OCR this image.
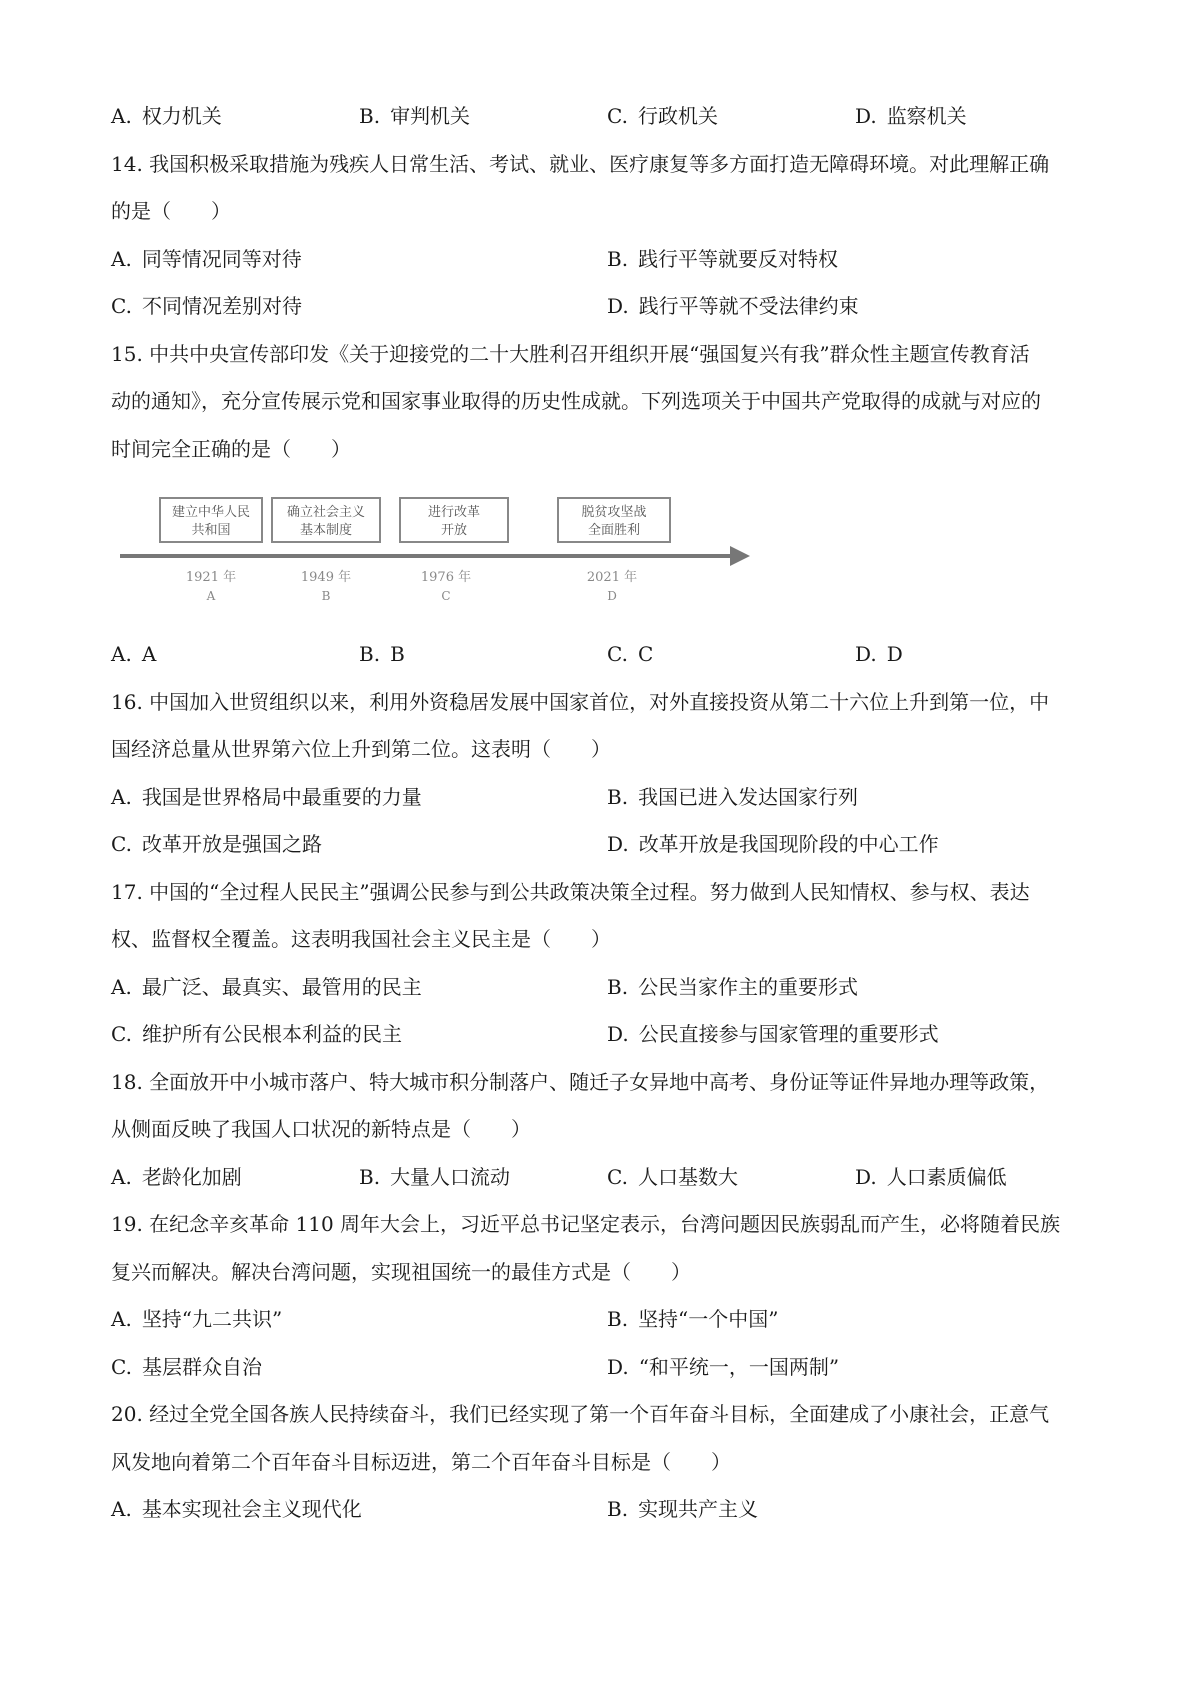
A. 权力机关	B. 审判机关	C. 行政机关	D. 监察机关
14. 我国积极采取措施为残疾人日常生活、考试、就业、医疗康复等多方面打造无障碍环境。对此理解正确
的是（　　）
A. 同等情况同等对待	B. 践行平等就要反对特权
C. 不同情况差别对待	D. 践行平等就不受法律约束
15. 中共中央宣传部印发《关于迎接党的二十大胜利召开组织开展“强国复兴有我”群众性主题宣传教育活
动的通知》，充分宣传展示党和国家事业取得的历史性成就。下列选项关于中国共产党取得的成就与对应的
时间完全正确的是（　　）
建立中华人民
共和国
1921 年
A
确立社会主义
基本制度
1949 年
B
进行改革
开放
1976 年
C
脱贫攻坚战
全面胜利
2021 年
D
A. A	B. B	C. C	D. D
16. 中国加入世贸组织以来，利用外资稳居发展中国家首位，对外直接投资从第二十六位上升到第一位，中
国经济总量从世界第六位上升到第二位。这表明（　　）
A. 我国是世界格局中最重要的力量	B. 我国已进入发达国家行列
C. 改革开放是强国之路	D. 改革开放是我国现阶段的中心工作
17. 中国的“全过程人民民主”强调公民参与到公共政策决策全过程。努力做到人民知情权、参与权、表达
权、监督权全覆盖。这表明我国社会主义民主是（　　）
A. 最广泛、最真实、最管用的民主	B. 公民当家作主的重要形式
C. 维护所有公民根本利益的民主	D. 公民直接参与国家管理的重要形式
18. 全面放开中小城市落户、特大城市积分制落户、随迁子女异地中高考、身份证等证件异地办理等政策，
从侧面反映了我国人口状况的新特点是（　　）
A. 老龄化加剧	B. 大量人口流动	C. 人口基数大	D. 人口素质偏低
19. 在纪念辛亥革命 110 周年大会上，习近平总书记坚定表示，台湾问题因民族弱乱而产生，必将随着民族
复兴而解决。解决台湾问题，实现祖国统一的最佳方式是（　　）
A. 坚持“九二共识”	B. 坚持“一个中国”
C. 基层群众自治	D. “和平统一，一国两制”
20. 经过全党全国各族人民持续奋斗，我们已经实现了第一个百年奋斗目标，全面建成了小康社会，正意气
风发地向着第二个百年奋斗目标迈进，第二个百年奋斗目标是（　　）
A. 基本实现社会主义现代化	B. 实现共产主义
